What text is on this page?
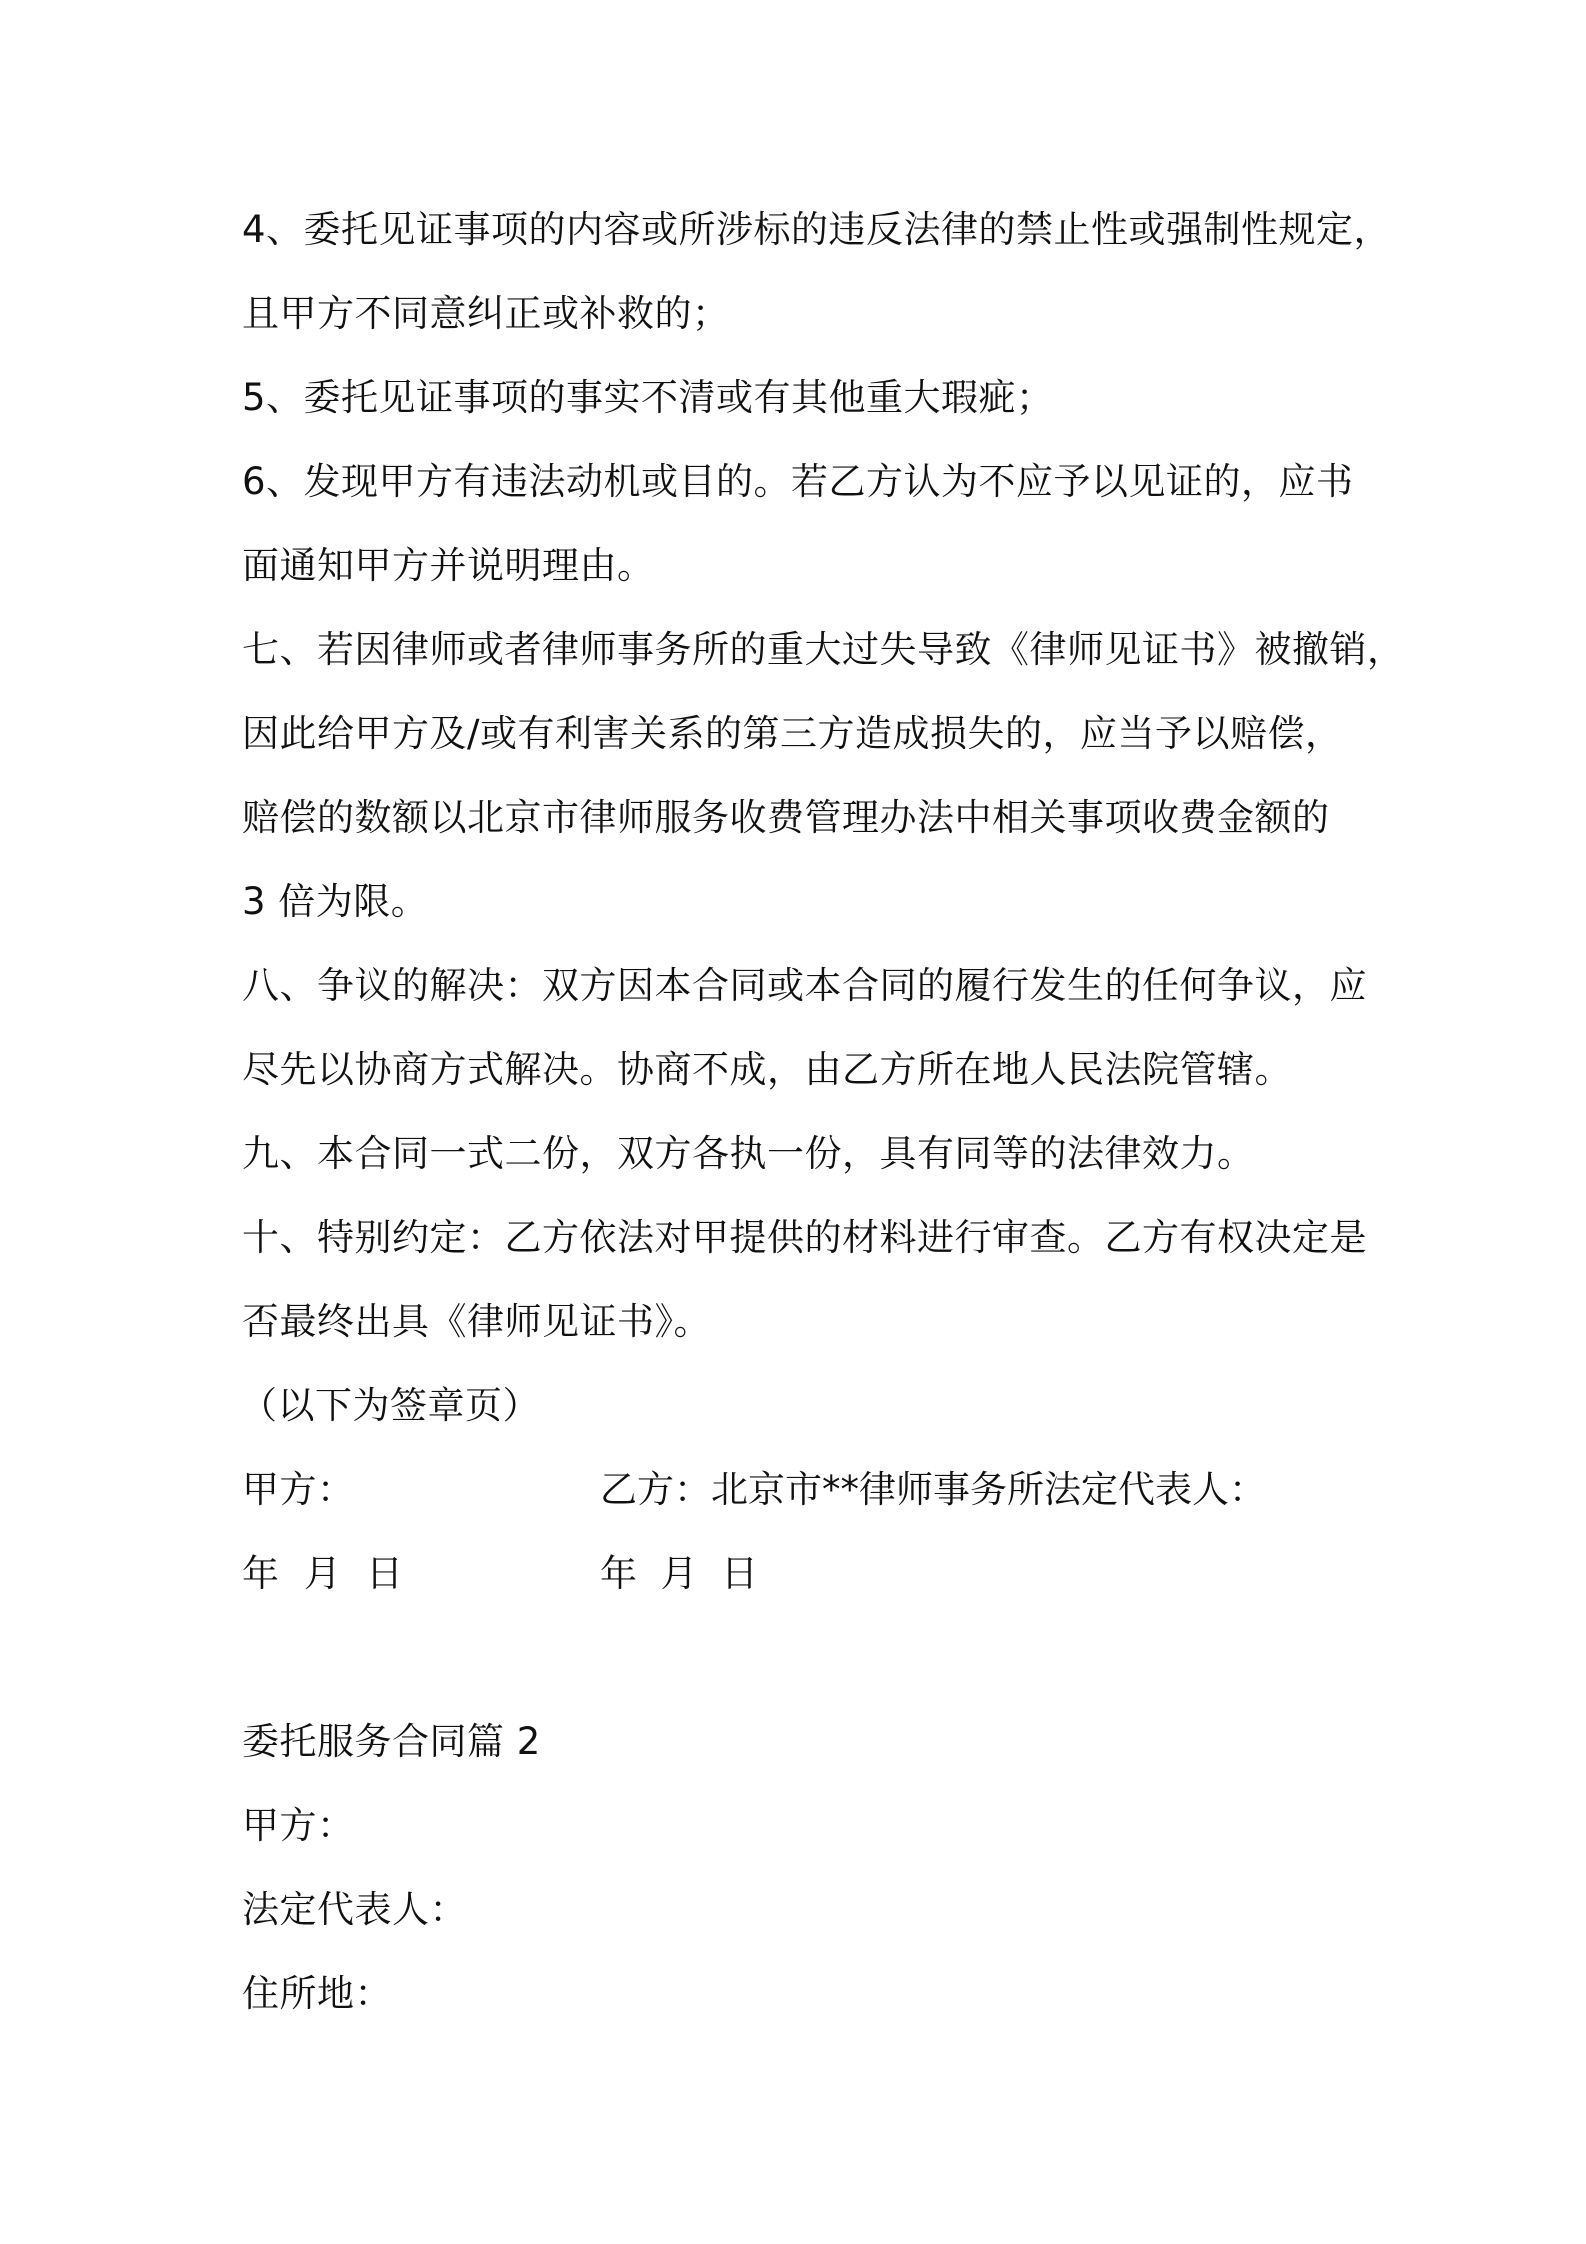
4、委托见证事项的内容或所涉标的违反法律的禁止性或强制性规定，
且甲方不同意纠正或补救的；
5、委托见证事项的事实不清或有其他重大瑕疵；
6、发现甲方有违法动机或目的。若乙方认为不应予以见证的，应书
面通知甲方并说明理由。
七、若因律师或者律师事务所的重大过失导致《律师见证书》被撤销，
因此给甲方及/或有利害关系的第三方造成损失的，应当予以赔偿，
赔偿的数额以北京市律师服务收费管理办法中相关事项收费金额的
3 倍为限。
八、争议的解决：双方因本合同或本合同的履行发生的任何争议，应
尽先以协商方式解决。协商不成，由乙方所在地人民法院管辖。
九、本合同一式二份，双方各执一份，具有同等的法律效力。
十、特别约定：乙方依法对甲提供的材料进行审查。乙方有权决定是
否最终出具《律师见证书》。
（以下为签章页）
甲方：	乙方：北京市**律师事务所法定代表人：
年  月  日	年  月  日
委托服务合同篇 2
甲方：
法定代表人：
住所地：
